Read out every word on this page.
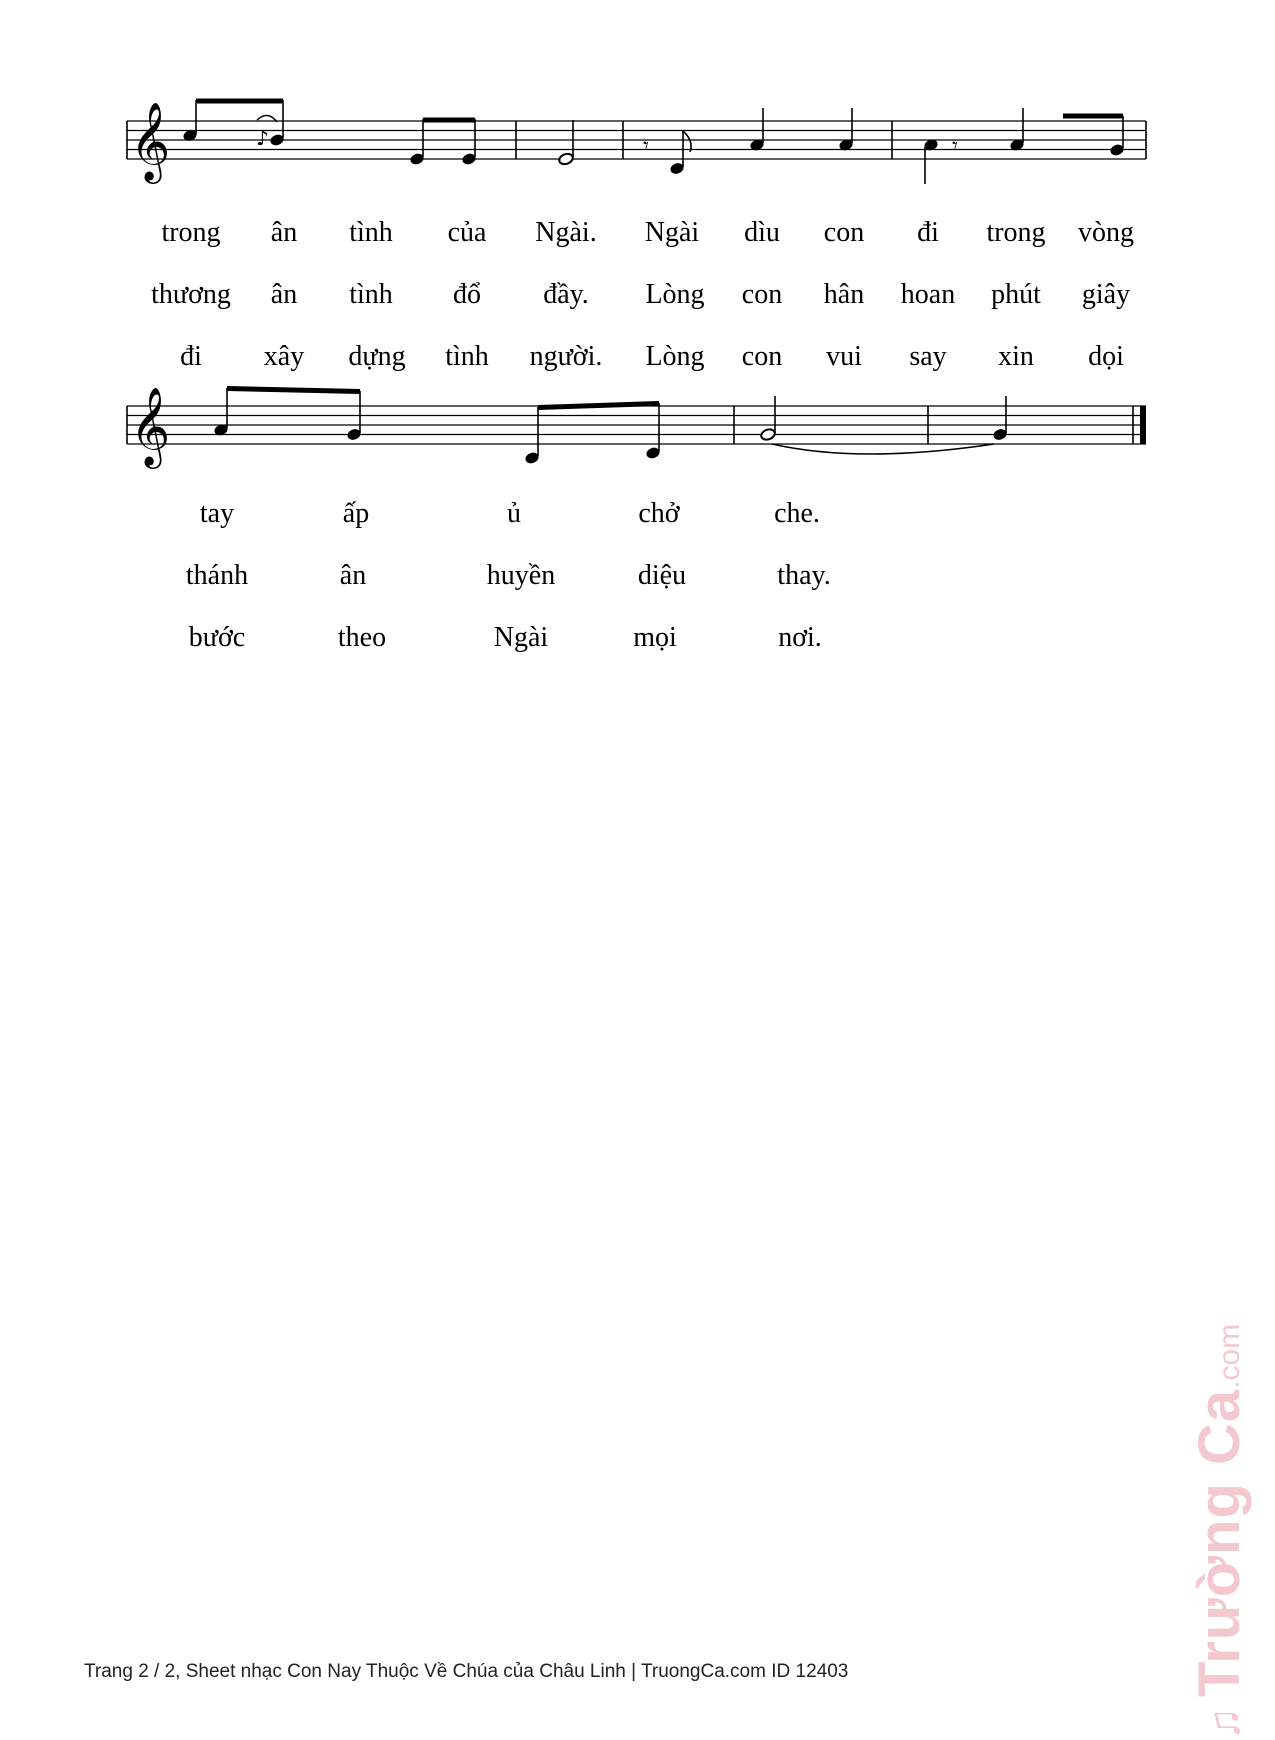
𝄞	♪	𝄾	𝄾
trong ân tình của Ngài. Ngài dìu con đi trong vòng
thương ân tình đổ đầy. Lòng con hân hoan phút giây
đi xây dựng tình người. Lòng con vui say xin dọi
𝄞
tay	ấp	ủ	chở	che.
thánh	ân	huyền	diệu	thay.
bước	theo	Ngài	mọi	nơi.
Trang 2 / 2, Sheet nhạc Con Nay Thuộc Về Chúa của Châu Linh | TruongCa.com ID 12403
♫
Trường Ca
.com
